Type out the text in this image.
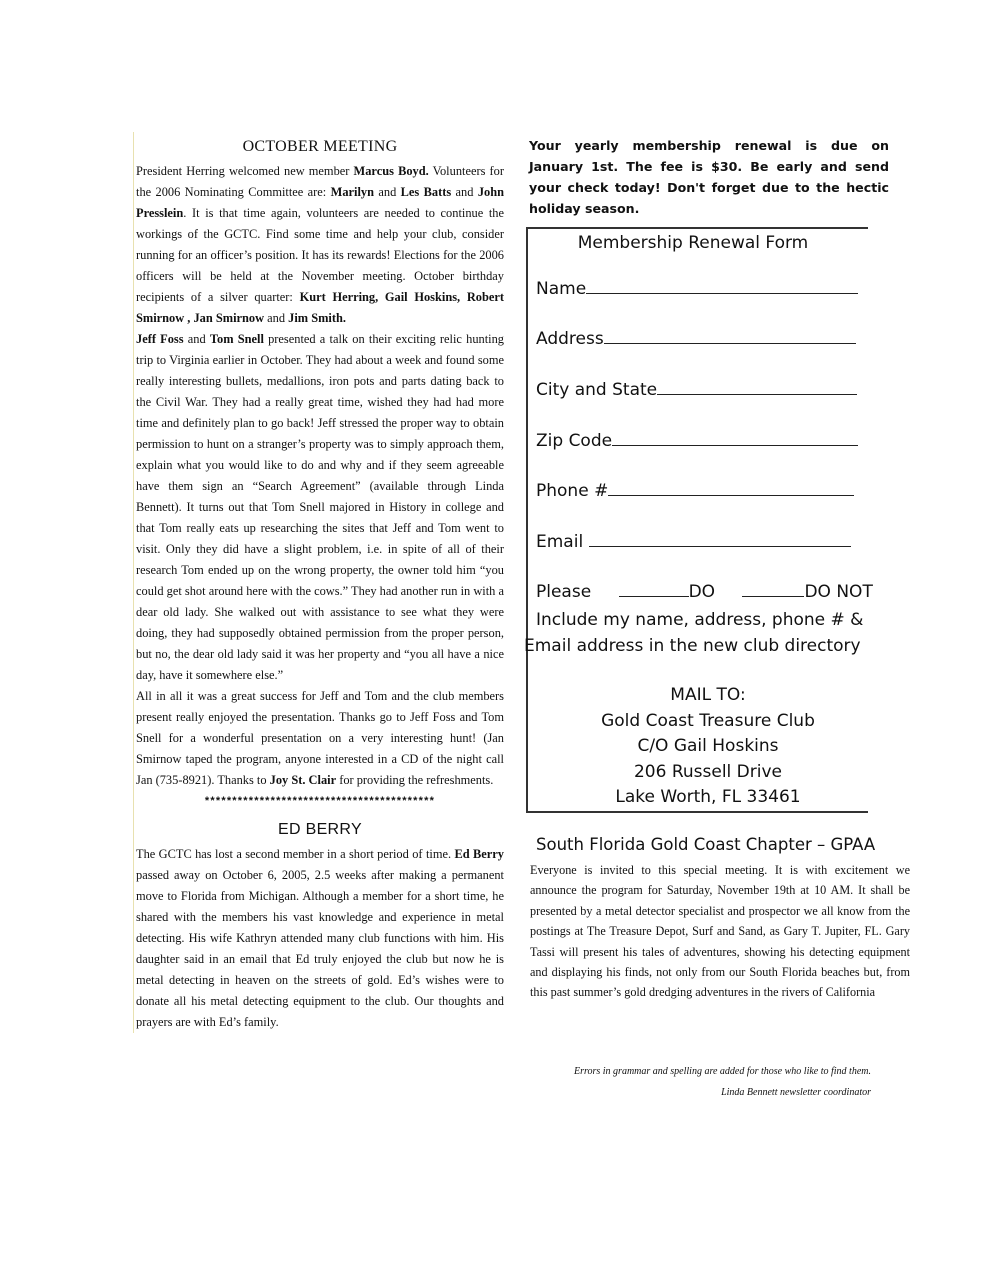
OCTOBER MEETING

President Herring welcomed new member Marcus Boyd. Volunteers for the 2006 Nominating Committee are: Marilyn and Les Batts and John Presslein. It is that time again, volunteers are needed to continue the workings of the GCTC. Find some time and help your club, consider running for an officer’s position. It has its rewards! Elections for the 2006 officers will be held at the November meeting. October birthday recipients of a silver quarter: Kurt Herring, Gail Hoskins, Robert Smirnow , Jan Smirnow and Jim Smith.

Jeff Foss and Tom Snell presented a talk on their exciting relic hunting trip to Virginia earlier in October. They had about a week and found some really interesting bullets, medallions, iron pots and parts dating back to the Civil War. They had a really great time, wished they had had more time and definitely plan to go back! Jeff stressed the proper way to obtain permission to hunt on a stranger’s property was to simply approach them, explain what you would like to do and why and if they seem agreeable have them sign an “Search Agreement” (available through Linda Bennett). It turns out that Tom Snell majored in History in college and that Tom really eats up researching the sites that Jeff and Tom went to visit. Only they did have a slight problem, i.e. in spite of all of their research Tom ended up on the wrong property, the owner told him “you could get shot around here with the cows.” They had another run in with a dear old lady. She walked out with assistance to see what they were doing, they had supposedly obtained permission from the proper person, but no, the dear old lady said it was her property and “you all have a nice day, have it somewhere else.”

All in all it was a great success for Jeff and Tom and the club members present really enjoyed the presentation. Thanks go to Jeff Foss and Tom Snell for a wonderful presentation on a very interesting hunt! (Jan Smirnow taped the program, anyone interested in a CD of the night call Jan (735-8921). Thanks to Joy St. Clair for providing the refreshments.

******************************************
ED BERRY

The GCTC has lost a second member in a short period of time. Ed Berry passed away on October 6, 2005, 2.5 weeks after making a permanent move to Florida from Michigan. Although a member for a short time, he shared with the members his vast knowledge and experience in metal detecting. His wife Kathryn attended many club functions with him. His daughter said in an email that Ed truly enjoyed the club but now he is metal detecting in heaven on the streets of gold. Ed’s wishes were to donate all his metal detecting equipment to the club. Our thoughts and prayers are with Ed’s family.

Your yearly membership renewal is due on January 1st. The fee is $30. Be early and send your check today! Don't forget due to the hectic holiday season.
Membership Renewal Form
Name
Address
City and State
Zip Code
Phone #
Email
Please	DO	DO NOT
Include my name, address, phone # &
Email address in the new club directory
MAIL TO:
Gold Coast Treasure Club
C/O Gail Hoskins
206 Russell Drive
Lake Worth, FL 33461
South Florida Gold Coast Chapter – GPAA
Everyone is invited to this special meeting. It is with excitement we announce the program for Saturday, November 19th at 10 AM. It shall be presented by a metal detector specialist and prospector we all know from the postings at The Treasure Depot, Surf and Sand, as Gary T. Jupiter, FL. Gary Tassi will present his tales of adventures, showing his detecting equipment and displaying his finds, not only from our South Florida beaches but, from this past summer’s gold dredging adventures in the rivers of California
Errors in grammar and spelling are added for those who like to find them.
Linda Bennett newsletter coordinator
